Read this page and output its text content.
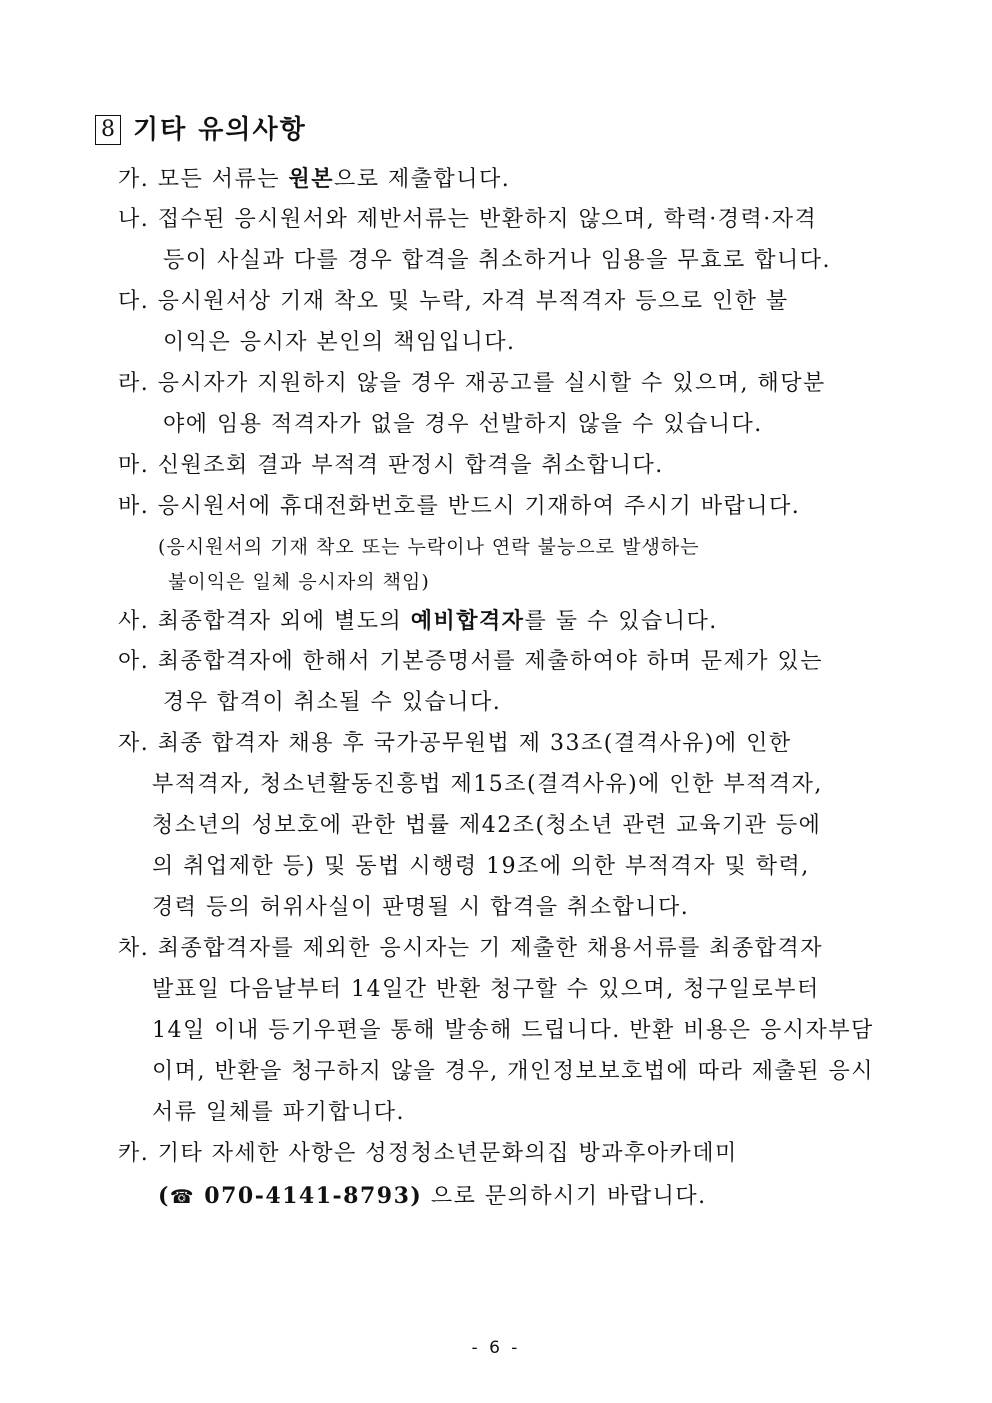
8 기타 유의사항
가. 모든 서류는 원본으로 제출합니다.
나. 접수된 응시원서와 제반서류는 반환하지 않으며, 학력·경력·자격
등이 사실과 다를 경우 합격을 취소하거나 임용을 무효로 합니다.
다. 응시원서상 기재 착오 및 누락, 자격 부적격자 등으로 인한 불
이익은 응시자 본인의 책임입니다.
라. 응시자가 지원하지 않을 경우 재공고를 실시할 수 있으며, 해당분
야에 임용 적격자가 없을 경우 선발하지 않을 수 있습니다.
마. 신원조회 결과 부적격 판정시 합격을 취소합니다.
바. 응시원서에 휴대전화번호를 반드시 기재하여 주시기 바랍니다.
(응시원서의 기재 착오 또는 누락이나 연락 불능으로 발생하는
불이익은 일체 응시자의 책임)
사. 최종합격자 외에 별도의 예비합격자를 둘 수 있습니다.
아. 최종합격자에 한해서 기본증명서를 제출하여야 하며 문제가 있는
경우 합격이 취소될 수 있습니다.
자. 최종 합격자 채용 후 국가공무원법 제 33조(결격사유)에 인한
부적격자, 청소년활동진흥법 제15조(결격사유)에 인한 부적격자,
청소년의 성보호에 관한 법률 제42조(청소년 관련 교육기관 등에
의 취업제한 등) 및 동법 시행령 19조에 의한 부적격자 및 학력,
경력 등의 허위사실이 판명될 시 합격을 취소합니다.
차. 최종합격자를 제외한 응시자는 기 제출한 채용서류를 최종합격자
발표일 다음날부터 14일간 반환 청구할 수 있으며, 청구일로부터
14일 이내 등기우편을 통해 발송해 드립니다. 반환 비용은 응시자부담
이며, 반환을 청구하지 않을 경우, 개인정보보호법에 따라 제출된 응시
서류 일체를 파기합니다.
카. 기타 자세한 사항은 성정청소년문화의집 방과후아카데미
(☎ 070-4141-8793) 으로 문의하시기 바랍니다.
- 6 -
